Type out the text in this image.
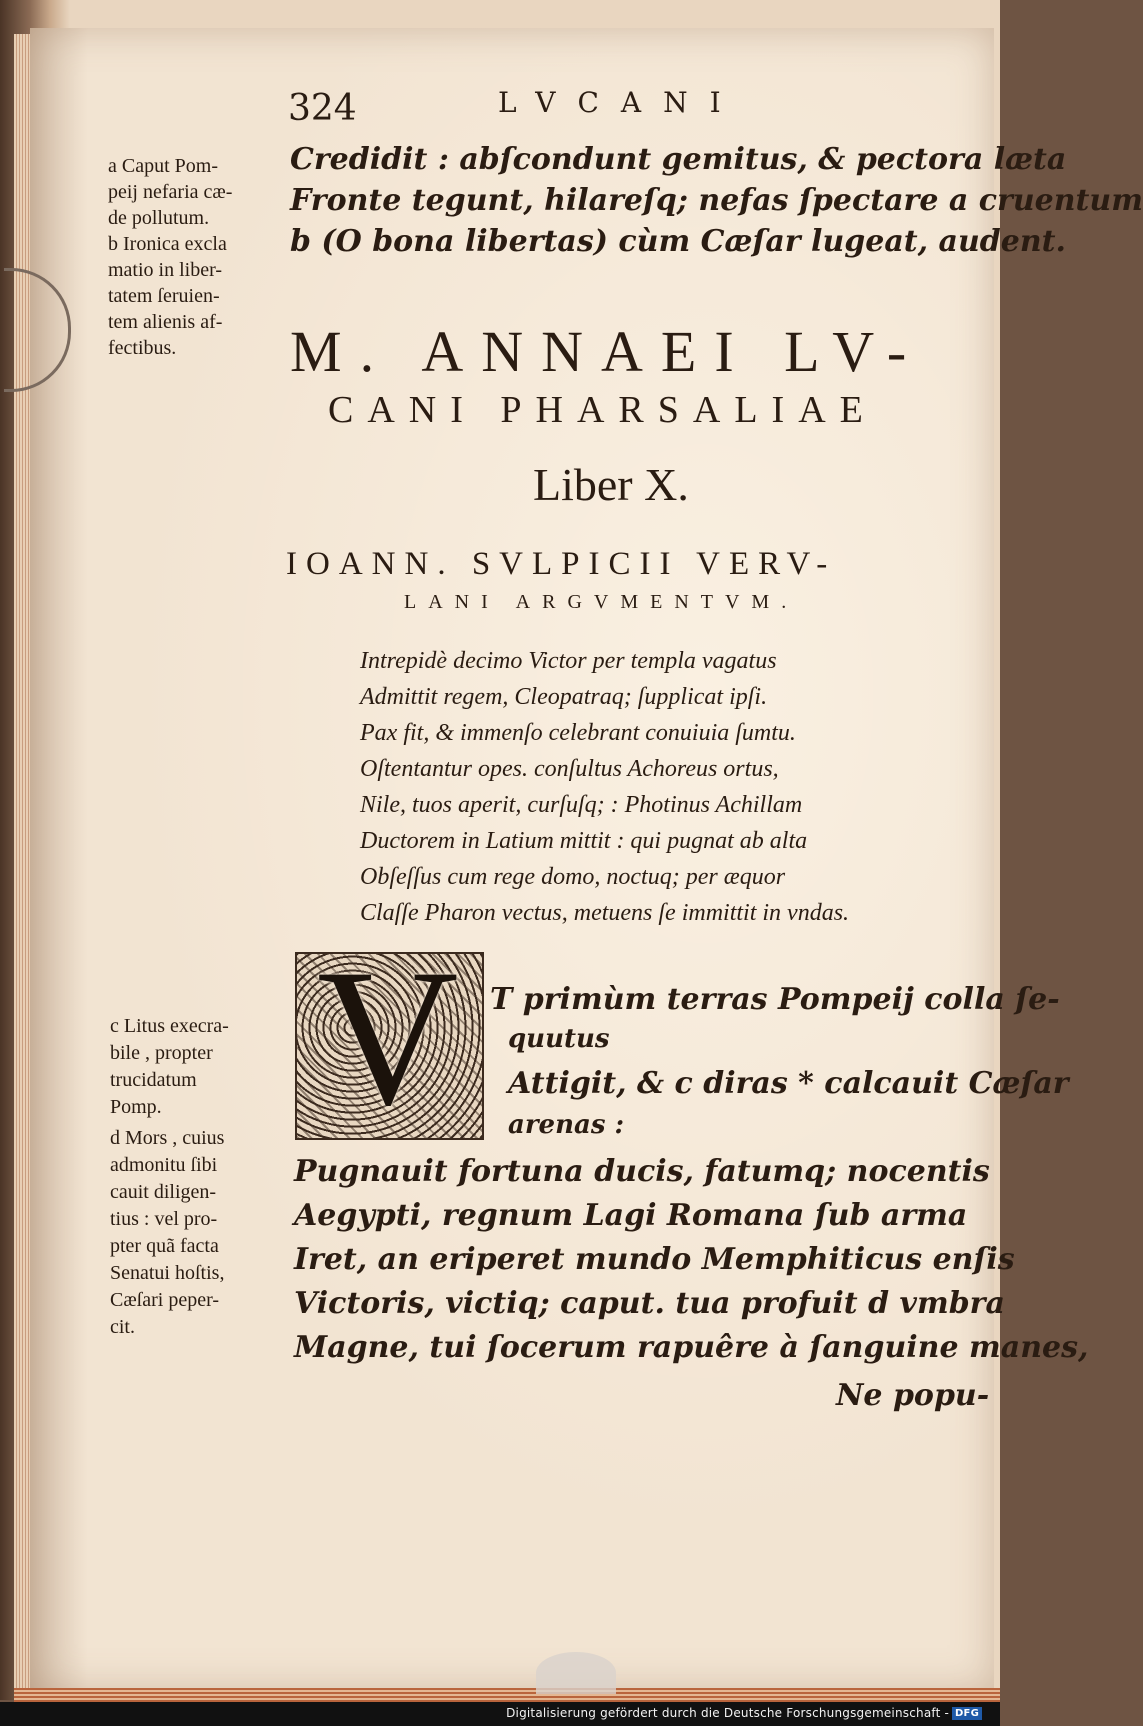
324	LVCANI
Credidit : abſcondunt gemitus, & pectora læta
Fronte tegunt, hilareſq; nefas ſpectare a cruentum
b (O bona libertas) cùm Cæſar lugeat, audent.
a Caput Pom-
peij nefaria cæ-
de pollutum.
b Ironica excla
matio in liber-
tatem ſeruien-
tem alienis af-
fectibus. M. ANNAEI LV-
CANI PHARSALIAE
Liber X.
IOANN. SVLPICII VERV-
LANI ARGVMENTVM.
Intrepidè decimo Victor per templa vagatus
Admittit regem, Cleopatraq; ſupplicat ipſi.
Pax fit, & immenſo celebrant conuiuia ſumtu.
Oſtentantur opes. conſultus Achoreus ortus,
Nile, tuos aperit, curſuſq; : Photinus Achillam
Ductorem in Latium mittit : qui pugnat ab alta
Obſeſſus cum rege domo, noctuq; per æquor
Claſſe Pharon vectus, metuens ſe immittit in vndas.
V T primùm terras Pompeij colla ſe-
quutus
Attigit, & c diras * calcauit Cæſar
arenas :
Pugnauit fortuna ducis, fatumq; nocentis
Aegypti, regnum Lagi Romana ſub arma
Iret, an eriperet mundo Memphiticus enſis
Victoris, victiq; caput. tua profuit d vmbra
Magne, tui ſocerum rapuêre à ſanguine manes,
Ne popu-
c Litus execra-
bile , propter
trucidatum
Pomp.
d Mors , cuius
admonitu ſibi
cauit diligen-
tius : vel pro-
pter quã facta
Senatui hoſtis,
Cæſari peper-
cit.
Digitalisierung gefördert durch die Deutsche Forschungsgemeinschaft - DFG
